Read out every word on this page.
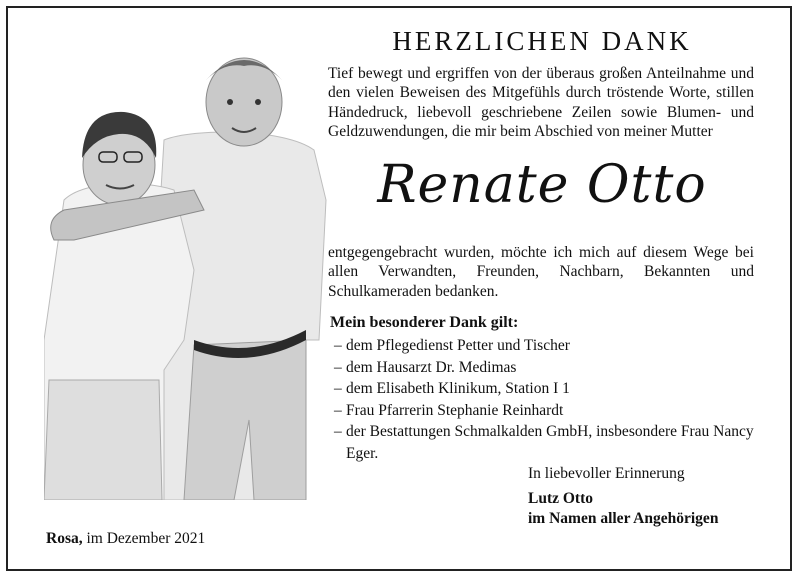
HERZLICHEN DANK
Tief bewegt und ergriffen von der überaus großen Anteilnahme und den vielen Beweisen des Mitgefühls durch tröstende Worte, stillen Händedruck, liebevoll geschriebene Zeilen sowie Blumen- und Geldzuwendungen, die mir beim Abschied von meiner Mutter
Renate Otto
entgegengebracht wurden, möchte ich mich auf diesem Wege bei allen Verwandten, Freunden, Nachbarn, Bekannten und Schulkameraden bedanken.
Mein besonderer Dank gilt:
– dem Pflegedienst Petter und Tischer
– dem Hausarzt Dr. Medimas
– dem Elisabeth Klinikum, Station I 1
– Frau Pfarrerin Stephanie Reinhardt
– der Bestattungen Schmalkalden GmbH, insbesondere Frau Nancy Eger.
In liebevoller Erinnerung
Lutz Otto
im Namen aller Angehörigen
Rosa, im Dezember 2021
